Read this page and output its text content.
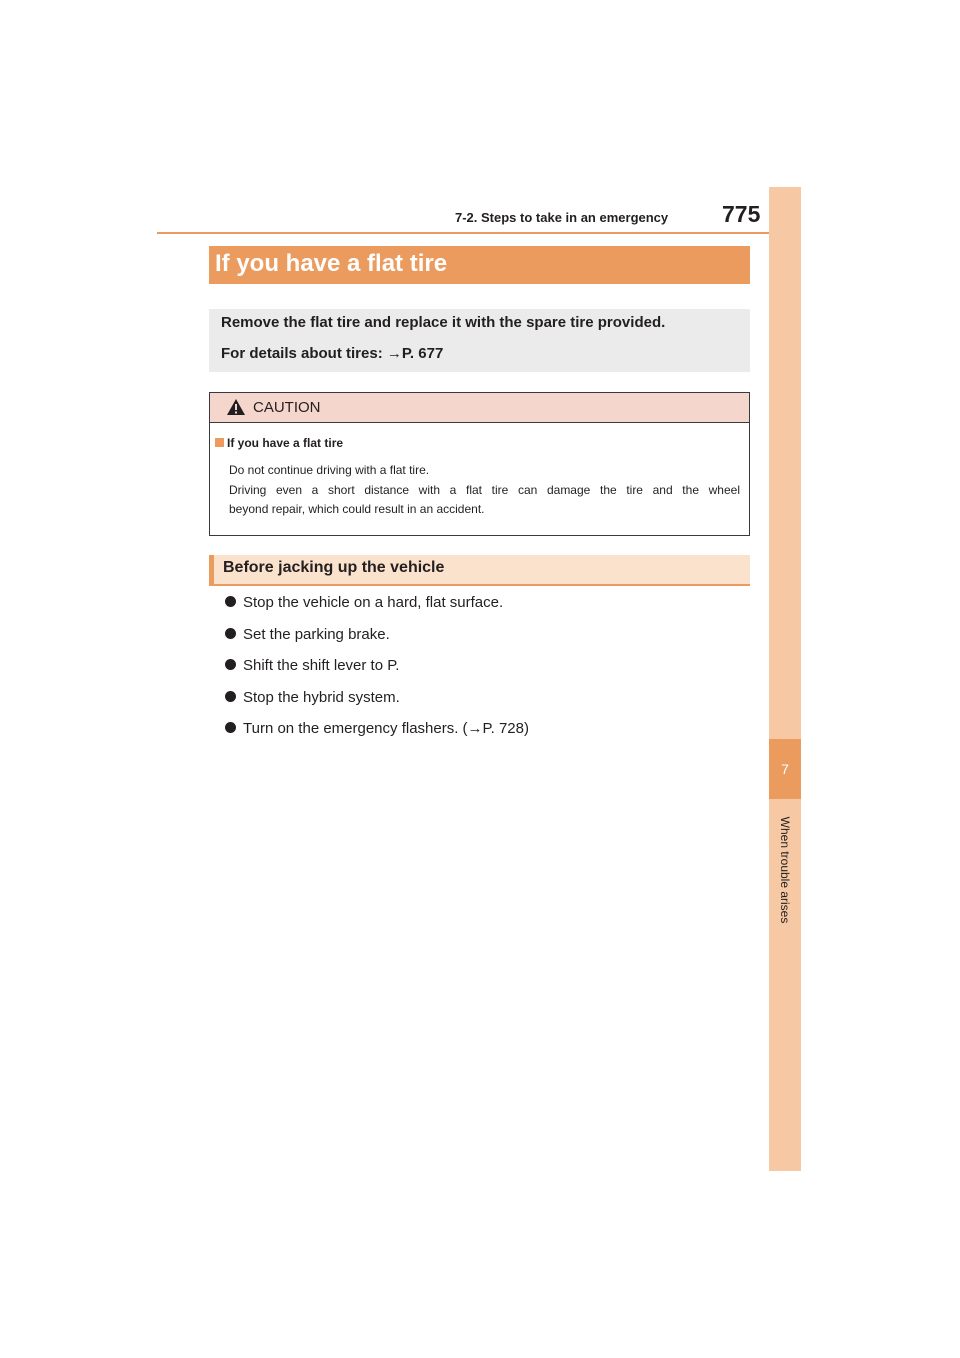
7-2. Steps to take in an emergency 775
7
When trouble arises
If you have a flat tire
Remove the flat tire and replace it with the spare tire provided.
For details about tires: →P. 677
CAUTION
If you have a flat tire
Do not continue driving with a flat tire.
Driving even a short distance with a flat tire can damage the tire and the wheel
beyond repair, which could result in an accident.
Before jacking up the vehicle
Stop the vehicle on a hard, flat surface.
Set the parking brake.
Shift the shift lever to P.
Stop the hybrid system.
Turn on the emergency flashers. (→P. 728)
